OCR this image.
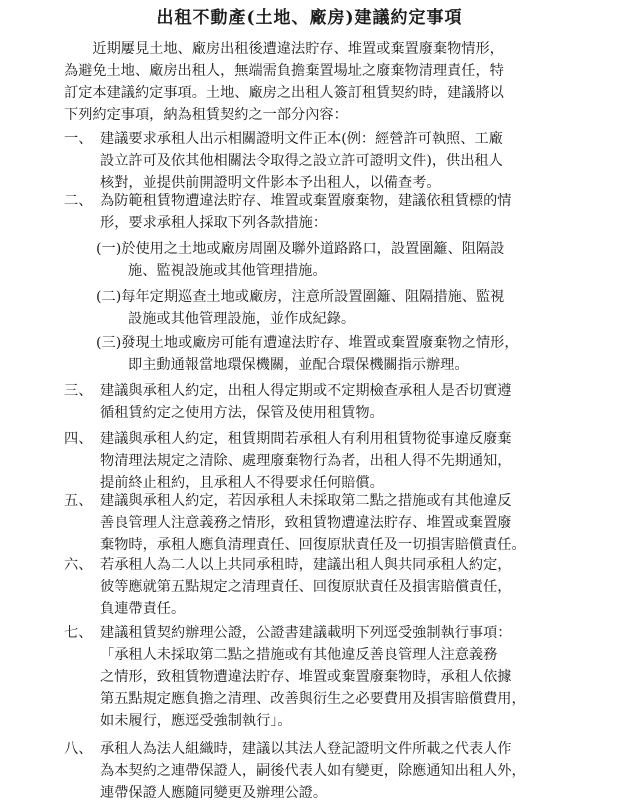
出租不動產(土地、廠房)建議約定事項
　　近期屢見土地、廠房出租後遭違法貯存、堆置或棄置廢棄物情形，
為避免土地、廠房出租人，無端需負擔棄置場址之廢棄物清理責任，特
訂定本建議約定事項。土地、廠房之出租人簽訂租賃契約時，建議將以
下列約定事項，納為租賃契約之一部分內容：
一、 建議要求承租人出示相關證明文件正本(例：經營許可執照、工廠
設立許可及依其他相關法令取得之設立許可證明文件)，供出租人
核對，並提供前開證明文件影本予出租人，以備查考。
二、 為防範租賃物遭違法貯存、堆置或棄置廢棄物，建議依租賃標的情
形，要求承租人採取下列各款措施：
(一)於使用之土地或廠房周圍及聯外道路路口，設置圍籬、阻隔設
施、監視設施或其他管理措施。
(二)每年定期巡查土地或廠房，注意所設置圍籬、阻隔措施、監視
設施或其他管理設施，並作成紀錄。
(三)發現土地或廠房可能有遭違法貯存、堆置或棄置廢棄物之情形，
即主動通報當地環保機關，並配合環保機關指示辦理。
三、 建議與承租人約定，出租人得定期或不定期檢查承租人是否切實遵
循租賃約定之使用方法，保管及使用租賃物。
四、 建議與承租人約定，租賃期間若承租人有利用租賃物從事違反廢棄
物清理法規定之清除、處理廢棄物行為者，出租人得不先期通知，
提前終止租約，且承租人不得要求任何賠償。
五、 建議與承租人約定，若因承租人未採取第二點之措施或有其他違反
善良管理人注意義務之情形，致租賃物遭違法貯存、堆置或棄置廢
棄物時，承租人應負清理責任、回復原狀責任及一切損害賠償責任。
六、 若承租人為二人以上共同承租時，建議出租人與共同承租人約定，
彼等應就第五點規定之清理責任、回復原狀責任及損害賠償責任，
負連帶責任。
七、 建議租賃契約辦理公證，公證書建議載明下列逕受強制執行事項：
「承租人未採取第二點之措施或有其他違反善良管理人注意義務
之情形，致租賃物遭違法貯存、堆置或棄置廢棄物時，承租人依據
第五點規定應負擔之清理、改善與衍生之必要費用及損害賠償費用，
如未履行，應逕受強制執行」。
八、 承租人為法人組織時，建議以其法人登記證明文件所載之代表人作
為本契約之連帶保證人，嗣後代表人如有變更，除應通知出租人外，
連帶保證人應隨同變更及辦理公證。
